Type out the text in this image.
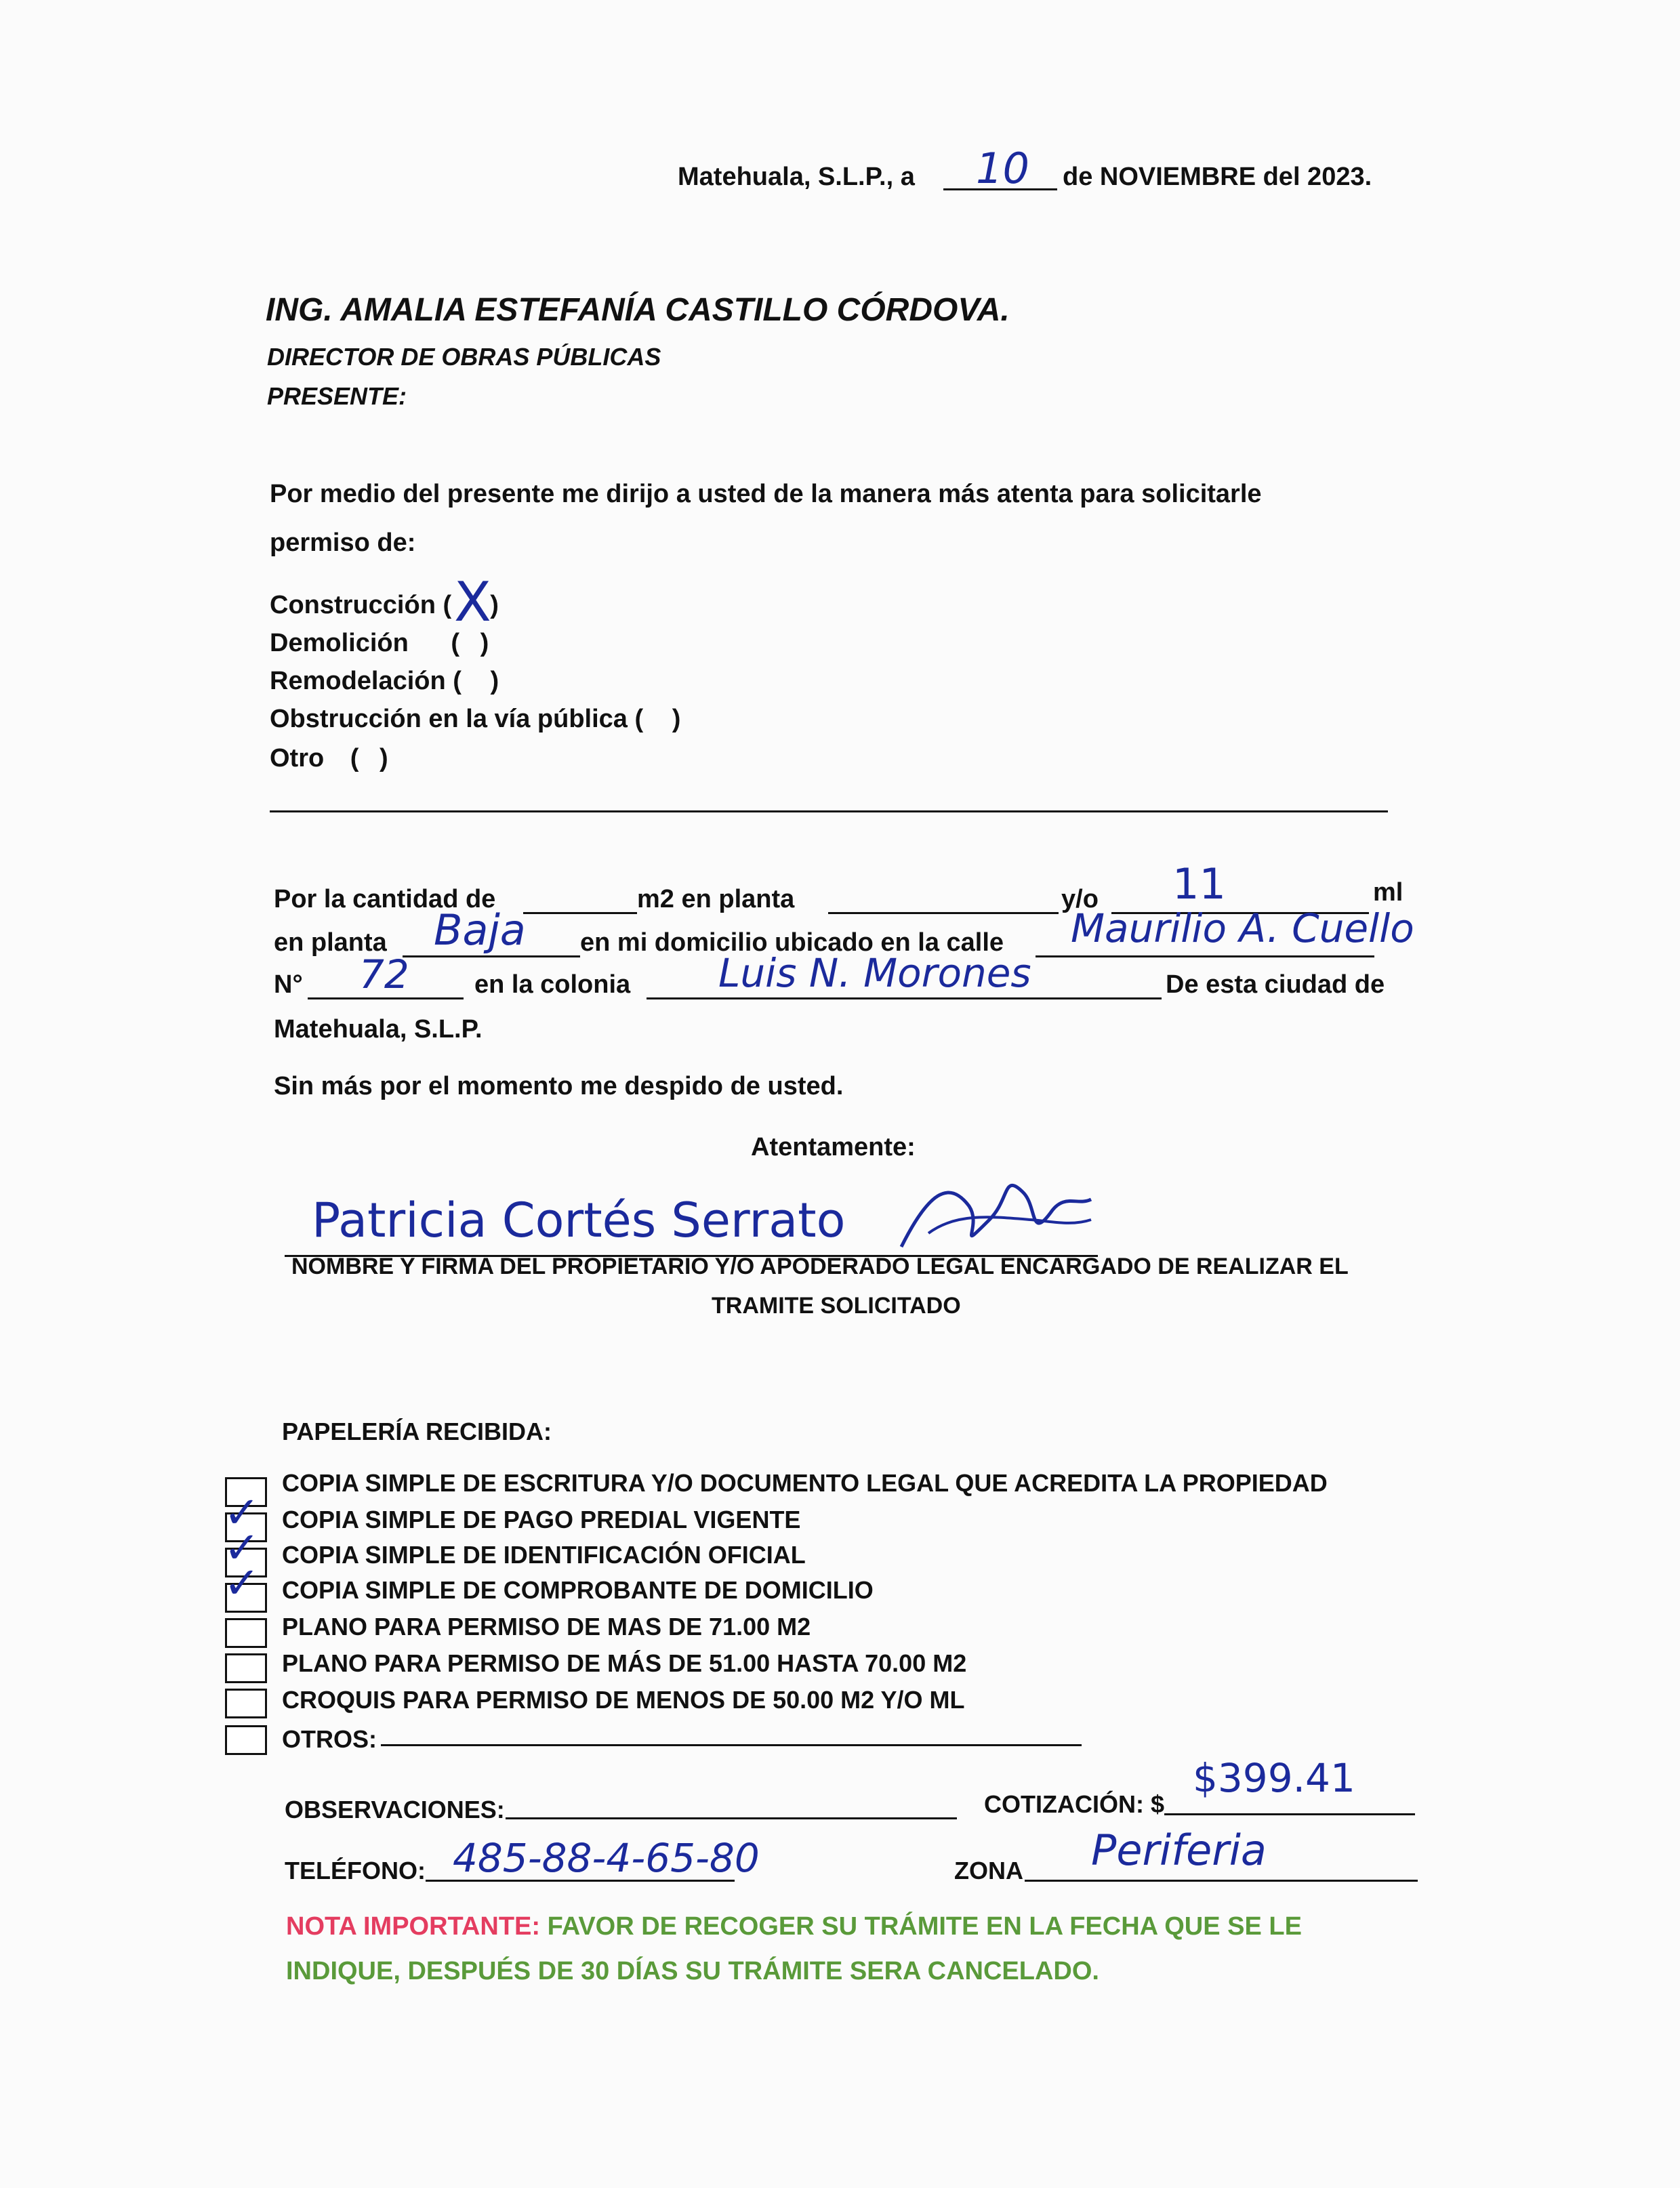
Matehuala, S.L.P., a 10 de NOVIEMBRE del 2023.
ING. AMALIA ESTEFANÍA CASTILLO CÓRDOVA.
DIRECTOR DE OBRAS PÚBLICAS
PRESENTE:
Por medio del presente me dirijo a usted de la manera más atenta para solicitarle
permiso de:
Construcción ( )
X
Demolición ( )
Remodelación ( )
Obstrucción en la vía pública ( )
Otro ( )
Por la cantidad de	m2 en planta	y/o 11	ml
en planta Baja en mi domicilio ubicado en la calle Maurilio A. Cuello
N° 72	en la colonia Luis N. Morones	De esta ciudad de
Matehuala, S.L.P.
Sin más por el momento me despido de usted.
Atentamente:
Patricia Cortés Serrato
NOMBRE Y FIRMA DEL PROPIETARIO Y/O APODERADO LEGAL ENCARGADO DE REALIZAR EL
TRAMITE SOLICITADO
PAPELERÍA RECIBIDA:
COPIA SIMPLE DE ESCRITURA Y/O DOCUMENTO LEGAL QUE ACREDITA LA PROPIEDAD
✓ COPIA SIMPLE DE PAGO PREDIAL VIGENTE
✓ COPIA SIMPLE DE IDENTIFICACIÓN OFICIAL
✓ COPIA SIMPLE DE COMPROBANTE DE DOMICILIO
PLANO PARA PERMISO DE MAS DE 71.00 M2
PLANO PARA PERMISO DE MÁS DE 51.00 HASTA 70.00 M2
CROQUIS PARA PERMISO DE MENOS DE 50.00 M2 Y/O ML
OTROS:
OBSERVACIONES:	COTIZACIÓN: $
$399.41
TELÉFONO: 485-88-4-65-80	ZONA Periferia
NOTA IMPORTANTE: FAVOR DE RECOGER SU TRÁMITE EN LA FECHA QUE SE LE
INDIQUE, DESPUÉS DE 30 DÍAS SU TRÁMITE SERA CANCELADO.
